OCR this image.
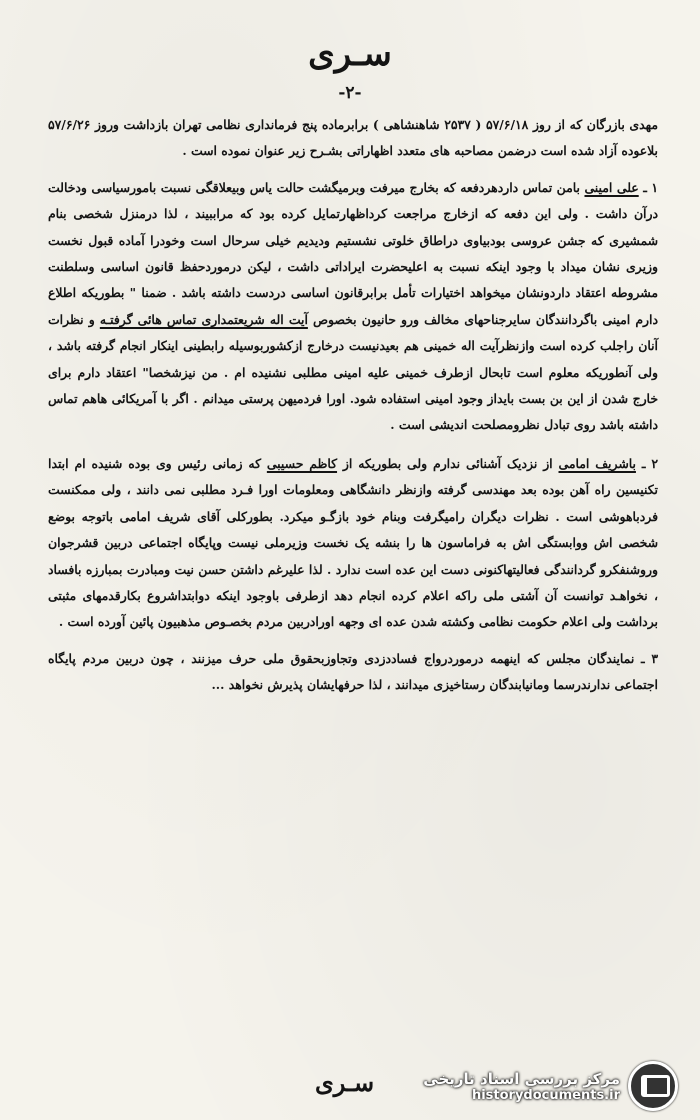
سـری
-۲-

مهدی بازرگان که از روز ۵۷/۶/۱۸ ( ۲۵۳۷ شاهنشاهی ) برابرماده پنج فرمانداری نظامی تهران بازداشت وروز ۵۷/۶/۲۶ بلاعوده آزاد شده است درضمن مصاحبه های متعدد اظهاراتی بشـرح زیر عنوان نموده است .

۱ ـ علی امینی بامن تماس داردهردفعه که بخارج میرفت وبرمیگشت حالت یاس وبیعلاقگی نسبت بامورسیاسی ودخالت درآن داشت . ولی این دفعه که ازخارج مراجعت کرداظهارتمایل کرده بود که مراببیند ، لذا درمنزل شخصی بنام شمشیری که جشن عروسی بودبیاوی دراطاق خلوتی نشستیم ودیدیم خیلی سرحال است وخودرا آماده قبول نخست وزیری نشان میداد با وجود اینکه نسبت به اعلیحضرت ایراداتی داشت ، لیکن درموردحفظ قانون اساسی وسلطنت مشروطه اعتقاد داردونشان میخواهد اختیارات تأمل برابرقانون اساسی دردست داشته باشد . ضمنا " بطوریکه اطلاع دارم امینی باگردانندگان سایرجناحهای مخالف ورو حانیون بخصوص آیت اله شریعتمداری تماس هائی گرفتـه و نظرات آنان راجلب کرده است وازنظرآیت اله خمینی هم بعیدنیست درخارج ازکشوربوسیله رابطینی اینکار انجام گرفته باشد ، ولی آنطوریکه معلوم است تابحال ازطرف خمینی علیه امینی مطلبی نشنیده ام . من نیزشخصا" اعتقاد دارم برای خارج شدن از این بن بست بایداز وجود امینی استفاده شود. اورا فردمیهن پرستی میدانم . اگر با آمریکائی هاهم تماس داشته باشد روی تبادل نظرومصلحت اندیشی است .

۲ ـ باشریف امامی از نزدیک آشنائی ندارم ولی بطوریکه از کاظم حسیبی که زمانی رئیس وی بوده شنیده ام ابتدا تکنیسین راه آهن بوده بعد مهندسی گرفته وازنظر دانشگاهی ومعلومات اورا فـرد مطلبی نمی دانند ، ولی ممکنست فردباهوشی است . نظرات دیگران رامیگرفت وبنام خود بازگـو میکرد. بطورکلی آقای شریف امامی باتوجه بوضع شخصی اش ووابستگی اش به فراماسون ها را بنشه یک نخست وزیرملی نیست وپایگاه اجتماعی دربین قشرجوان وروشنفکرو گردانندگی فعالیتهاکنونی دست این عده است ندارد . لذا علیرغم داشتن حسن نیت ومبادرت بمبارزه بافساد ، نخواهـد توانست آن آشتی ملی راکه اعلام کرده انجام دهد ازطرفی باوجود اینکه دوابتداشروع بکارقدمهای مثبتی برداشت ولی اعلام حکومت نظامی وکشته شدن عده ای وجهه اورادربین مردم بخصـوص مذهبیون پائین آورده است .

۳ ـ نمایندگان مجلس که اینهمه درموردرواج فساددزدی وتجاوزبحقوق ملی حرف میزنند ، چون دربین مردم پایگاه اجتماعی ندارندرسما ومانیابندگان رستاخیزی میدانند ، لذا حرفهایشان پذیرش نخواهد ...

سـری	مرکز بررسی اسناد تاریخی
historydocuments.ir
